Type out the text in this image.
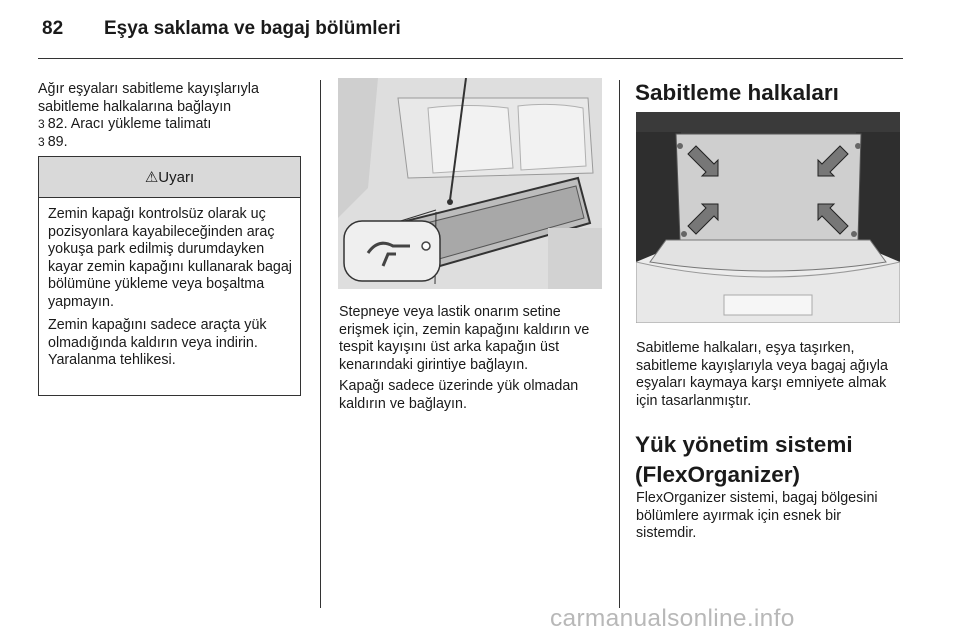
82 Eşya saklama ve bagaj bölümleri
Ağır eşyaları sabitleme kayışlarıyla sabitleme halkalarına bağlayın
3 82. Aracı yükleme talimatı
3 89.
⚠Uyarı

Zemin kapağı kontrolsüz olarak uç pozisyonlara kayabileceğinden araç yokuşa park edilmiş durumdayken kayar zemin kapağını kullanarak bagaj bölümüne yükleme veya boşaltma yapmayın.

Zemin kapağını sadece araçta yük olmadığında kaldırın veya indirin. Yaralanma tehlikesi.

Stepneye veya lastik onarım setine erişmek için, zemin kapağını kaldırın ve tespit kayışını üst arka kapağın üst kenarındaki girintiye bağlayın.

Kapağı sadece üzerinde yük olmadan kaldırın ve bağlayın.

Sabitleme halkaları

Sabitleme halkaları, eşya taşırken, sabitleme kayışlarıyla veya bagaj ağıyla eşyaları kaymaya karşı emniyete almak için tasarlanmıştır.

Yük yönetim sistemi (FlexOrganizer)

FlexOrganizer sistemi, bagaj bölgesini bölümlere ayırmak için esnek bir sistemdir.

carmanualsonline.info
